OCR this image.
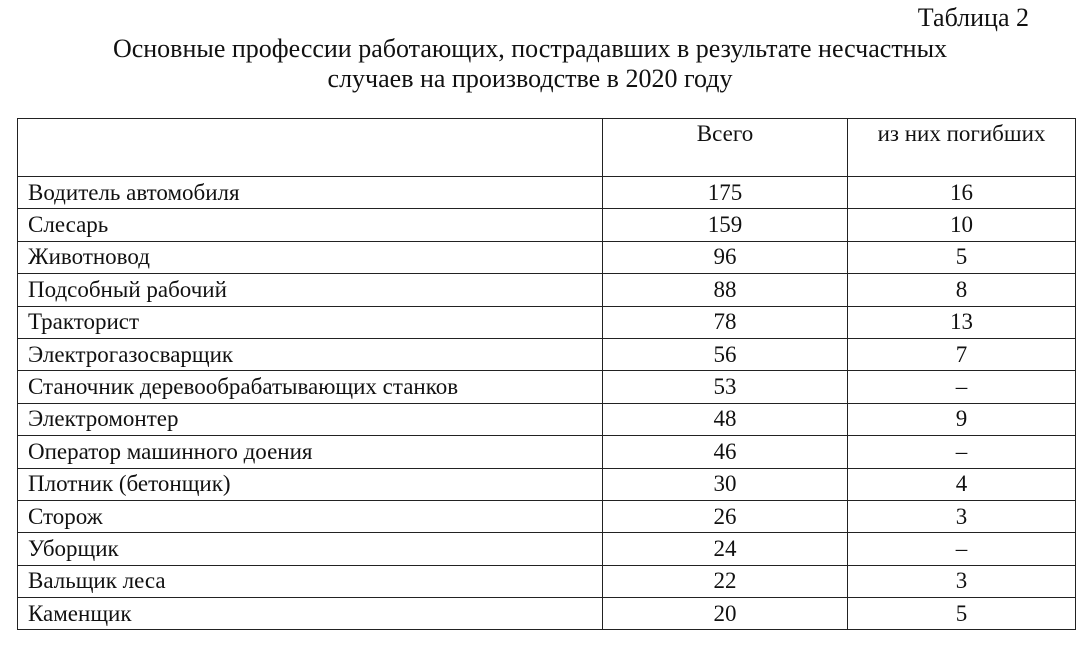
Таблица 2
Основные профессии работающих, пострадавших в результате несчастных
случаев на производстве в 2020 году
	Всего	из них погибших
Водитель автомобиля	175	16
Слесарь	159	10
Животновод	96	5
Подсобный рабочий	88	8
Тракторист	78	13
Электрогазосварщик	56	7
Станочник деревообрабатывающих станков	53	–
Электромонтер	48	9
Оператор машинного доения	46	–
Плотник (бетонщик)	30	4
Сторож	26	3
Уборщик	24	–
Вальщик леса	22	3
Каменщик	20	5
